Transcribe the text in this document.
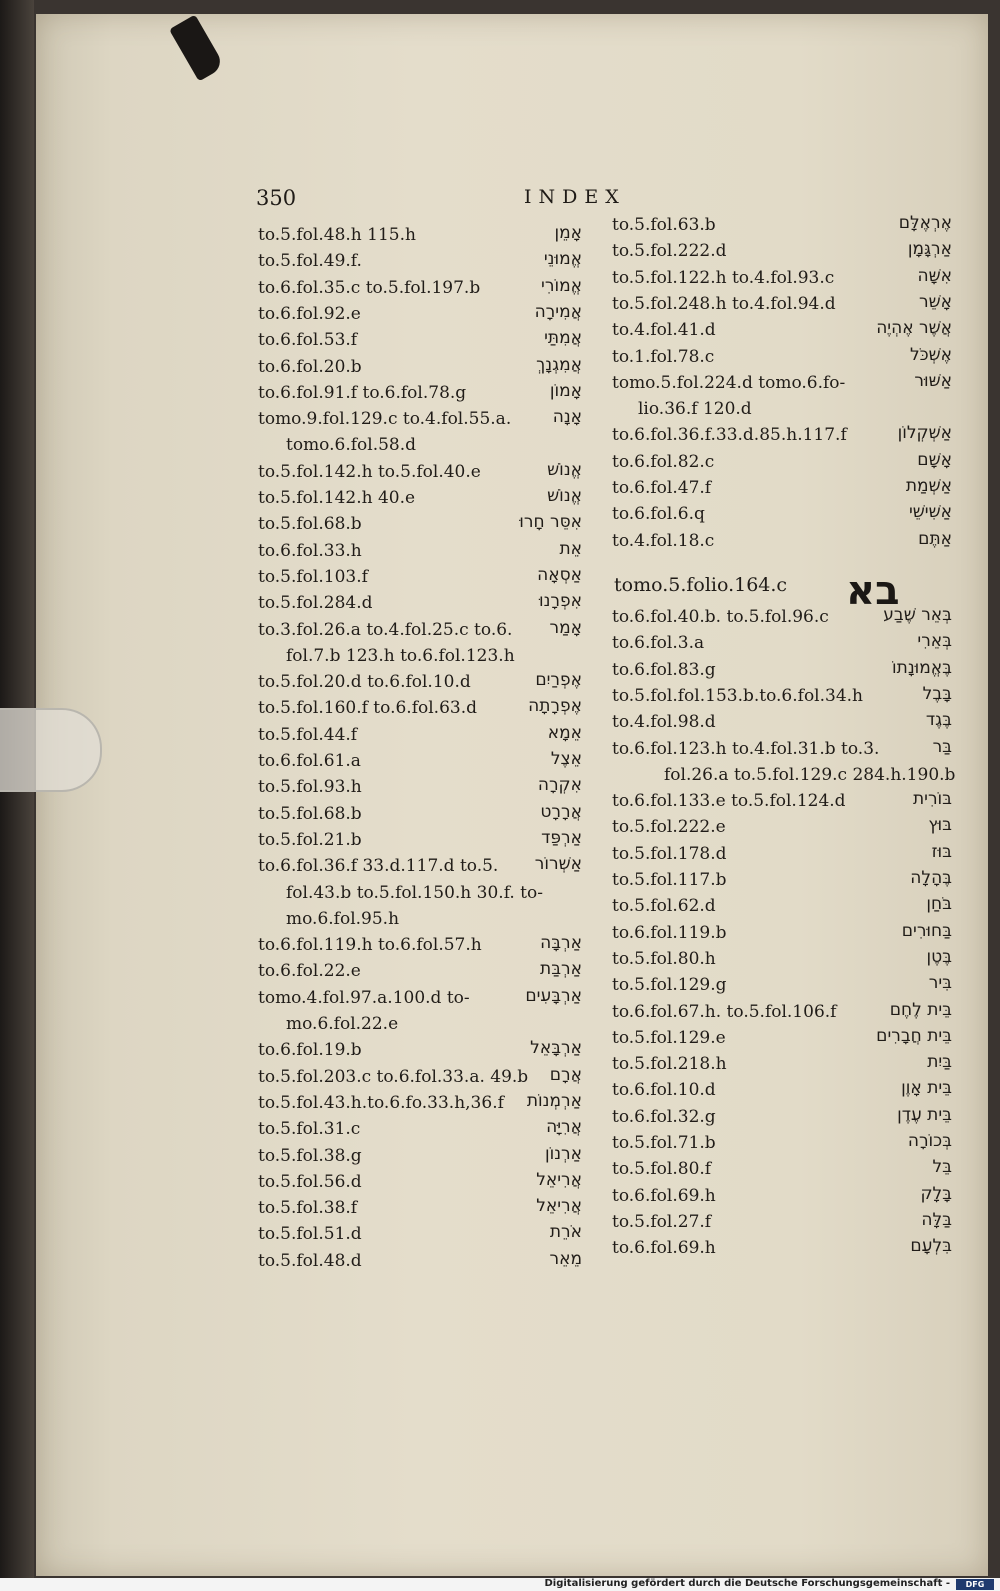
350	INDEX
to.5.fol.48.h 115.h	אָמֵן
to.5.fol.49.f.	אֱמוּנֵי
to.6.fol.35.c to.5.fol.197.b	אֱמוֹרִי
to.6.fol.92.e	אֲמִירָה
to.6.fol.53.f	אֲמִתַּי
to.6.fol.20.b	אֲמִגְנָךְ
to.6.fol.91.f to.6.fol.78.g	אָמוֹן
tomo.9.fol.129.c to.4.fol.55.a. אָנָה
tomo.6.fol.58.d
to.5.fol.142.h to.5.fol.40.e	אֱנוֹשׁ
to.5.fol.142.h 40.e	אֱנוֹשׁ
to.5.fol.68.b	אִסֵּר חָרוּ
to.6.fol.33.h	אֵת
to.5.fol.103.f	אַסְאָה
to.5.fol.284.d	אִפְרָנוּ
to.3.fol.26.a to.4.fol.25.c to.6. אָמַר
fol.7.b 123.h to.6.fol.123.h
to.5.fol.20.d to.6.fol.10.d	אֶפְרַיִם
to.5.fol.160.f to.6.fol.63.d	אֶפְרָתָה
to.5.fol.44.f	אֵמָא
to.6.fol.61.a	אֵצֶל
to.5.fol.93.h	אִקְרָה
to.5.fol.68.b	אֲרָרָט
to.5.fol.21.b	אַרְפַּד
to.6.fol.36.f 33.d.117.d to.5. אַשְׁרוֹר
fol.43.b to.5.fol.150.h 30.f. to-
mo.6.fol.95.h
to.6.fol.119.h to.6.fol.57.h	אַרְבָּה
to.6.fol.22.e	אַרְבַּת
tomo.4.fol.97.a.100.d to-	אַרְבָּעִים
mo.6.fol.22.e
to.6.fol.19.b	אַרְבָּאֵל
to.5.fol.203.c to.6.fol.33.a. 49.b אֲרָם
to.5.fol.43.h.to.6.fo.33.h,36.f אַרְמְנוֹת
to.5.fol.31.c	אֲרִיָּה
to.5.fol.38.g	אַרְנוֹן
to.5.fol.56.d	אֲרִיאֵל
to.5.fol.38.f	אֲרִיאֵל
to.5.fol.51.d	אֹרֵת
to.5.fol.48.d	מֵאֵר
to.5.fol.63.b	אֶרְאֶלָּם
to.5.fol.222.d	אַרְגָּמָן
to.5.fol.122.h to.4.fol.93.c	אִשָּׁה
to.5.fol.248.h to.4.fol.94.d	אָשֵׁר
to.4.fol.41.d	אֲשֶׁר אֶהְיֶה
to.1.fol.78.c	אֶשְׁכֹּל
tomo.5.fol.224.d tomo.6.fo-	אַשּׁוּר
lio.36.f 120.d
to.6.fol.36.f.33.d.85.h.117.f	אַשְׁקְלוֹן
to.6.fol.82.c	אָשָׁם
to.6.fol.47.f	אַשְׁמַת
to.6.fol.6.q	אַשִׁישֵׁי
to.4.fol.18.c	אַתֶּם
בא
tomo.5.folio.164.c
to.6.fol.40.b. to.5.fol.96.c	בְּאֵר שֶׁבַע
to.6.fol.3.a	בְּאֵרִי
to.6.fol.83.g	בֶּאֱמוּנָתוֹ
to.5.fol.fol.153.b.to.6.fol.34.h	בָּבֶל
to.4.fol.98.d	בֶּגֶד
to.6.fol.123.h to.4.fol.31.b to.3.	בַּר
fol.26.a to.5.fol.129.c 284.h.190.b
to.6.fol.133.e to.5.fol.124.d	בּוֹרִית
to.5.fol.222.e	בּוּץ
to.5.fol.178.d	בּוּז
to.5.fol.117.b	בֶּהָלָה
to.5.fol.62.d	בֹּחַן
to.6.fol.119.b	בַּחוּרִים
to.5.fol.80.h	בֶּטֶן
to.5.fol.129.g	בִּיר
to.6.fol.67.h. to.5.fol.106.f	בֵּית לֶחֶם
to.5.fol.129.e	בֵּית חֲבָרִים
to.5.fol.218.h	בַּיִת
to.6.fol.10.d	בֵּית אָוֶן
to.6.fol.32.g	בֵּית עֶדֶן
to.5.fol.71.b	בְּכוֹרָה
to.5.fol.80.f	בֵּל
to.6.fol.69.h	בָּלָק
to.5.fol.27.f	בַּלָּה
to.6.fol.69.h	בִּלְעָם
Digitalisierung gefördert durch die Deutsche Forschungsgemeinschaft -	DFG
